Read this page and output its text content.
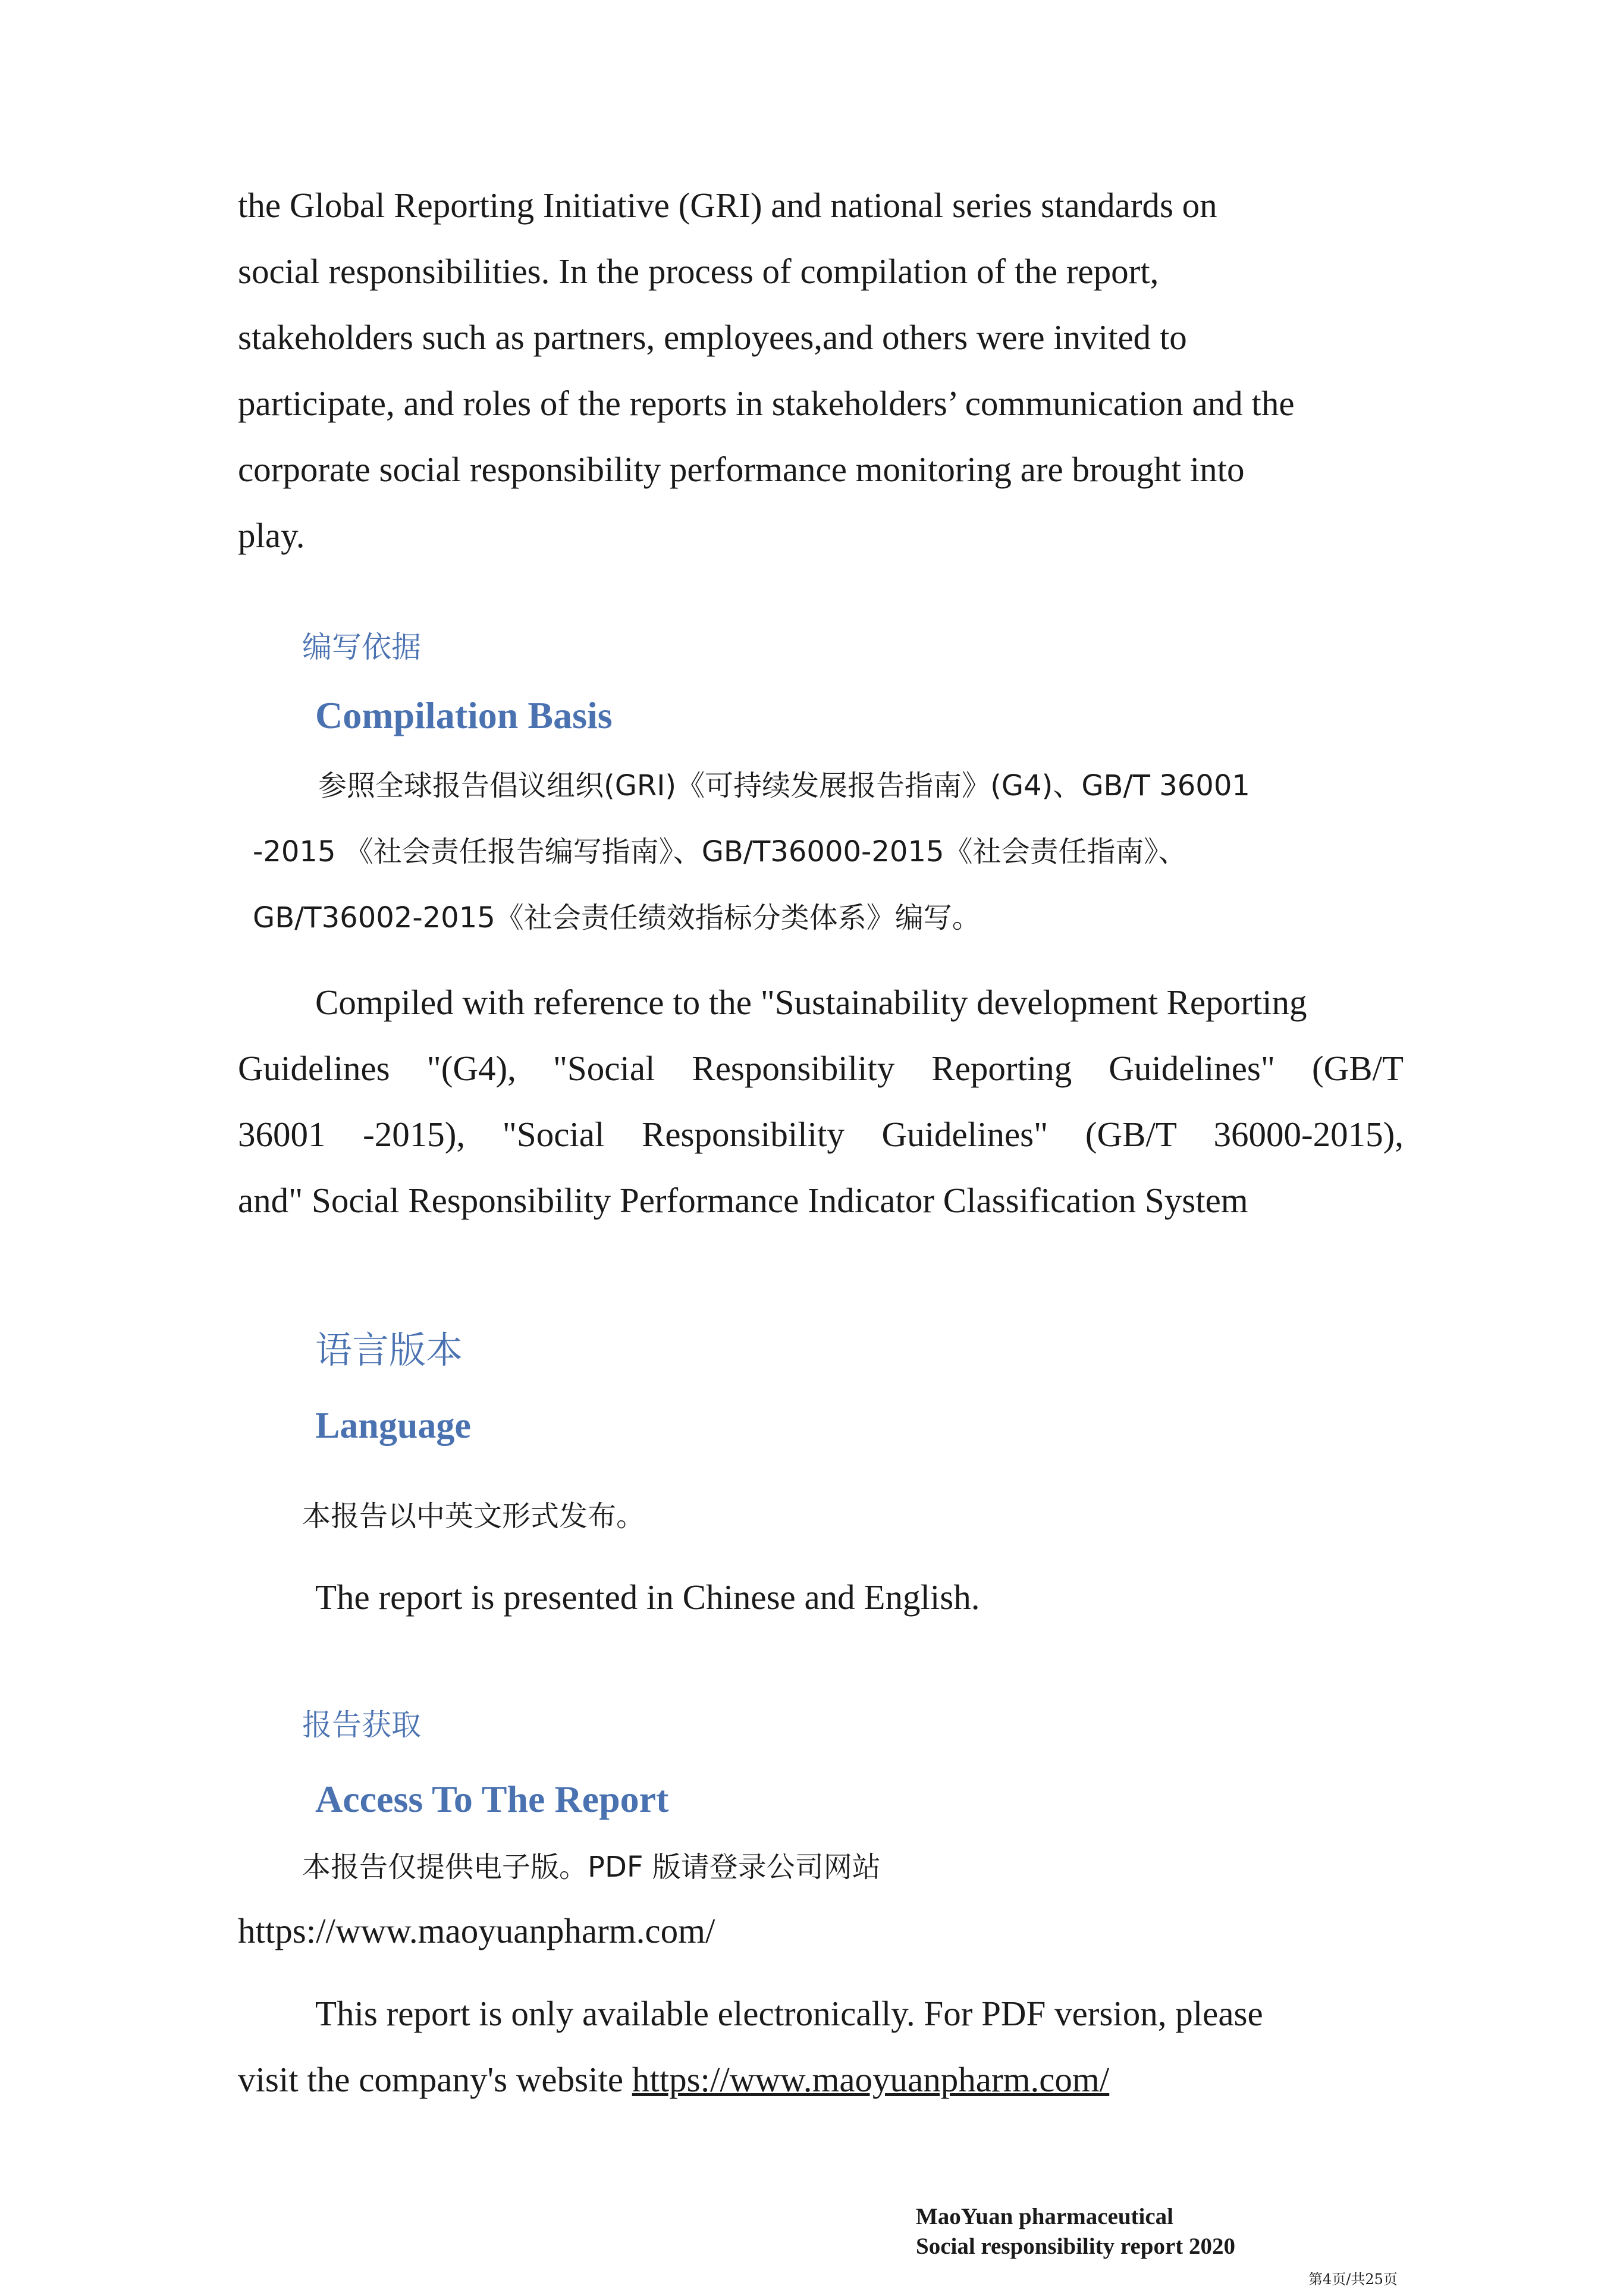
the Global Reporting Initiative (GRI) and national series standards on

social responsibilities. In the process of compilation of the report,

stakeholders such as partners, employees,and others were invited to

participate, and roles of the reports in stakeholders’ communication and the

corporate social responsibility performance monitoring are brought into

play.

编写依据

Compilation Basis

参照全球报告倡议组织(GRI)《可持续发展报告指南》(G4)、GB/T 36001

-2015 《社会责任报告编写指南》、GB/T36000-2015《社会责任指南》、

GB/T36002-2015《社会责任绩效指标分类体系》编写。

Compiled with reference to the "Sustainability development Reporting

Guidelines "(G4), "Social Responsibility Reporting Guidelines" (GB/T

36001 -2015), "Social Responsibility Guidelines" (GB/T 36000-2015),

and" Social Responsibility Performance Indicator Classification System

语言版本

Language

本报告以中英文形式发布。

The report is presented in Chinese and English.

报告获取

Access To The Report

本报告仅提供电子版。PDF 版请登录公司网站

https://www.maoyuanpharm.com/

This report is only available electronically. For PDF version, please

visit the company's website https://www.maoyuanpharm.com/

MaoYuan pharmaceutical

Social responsibility report 2020

第4页/共25页
